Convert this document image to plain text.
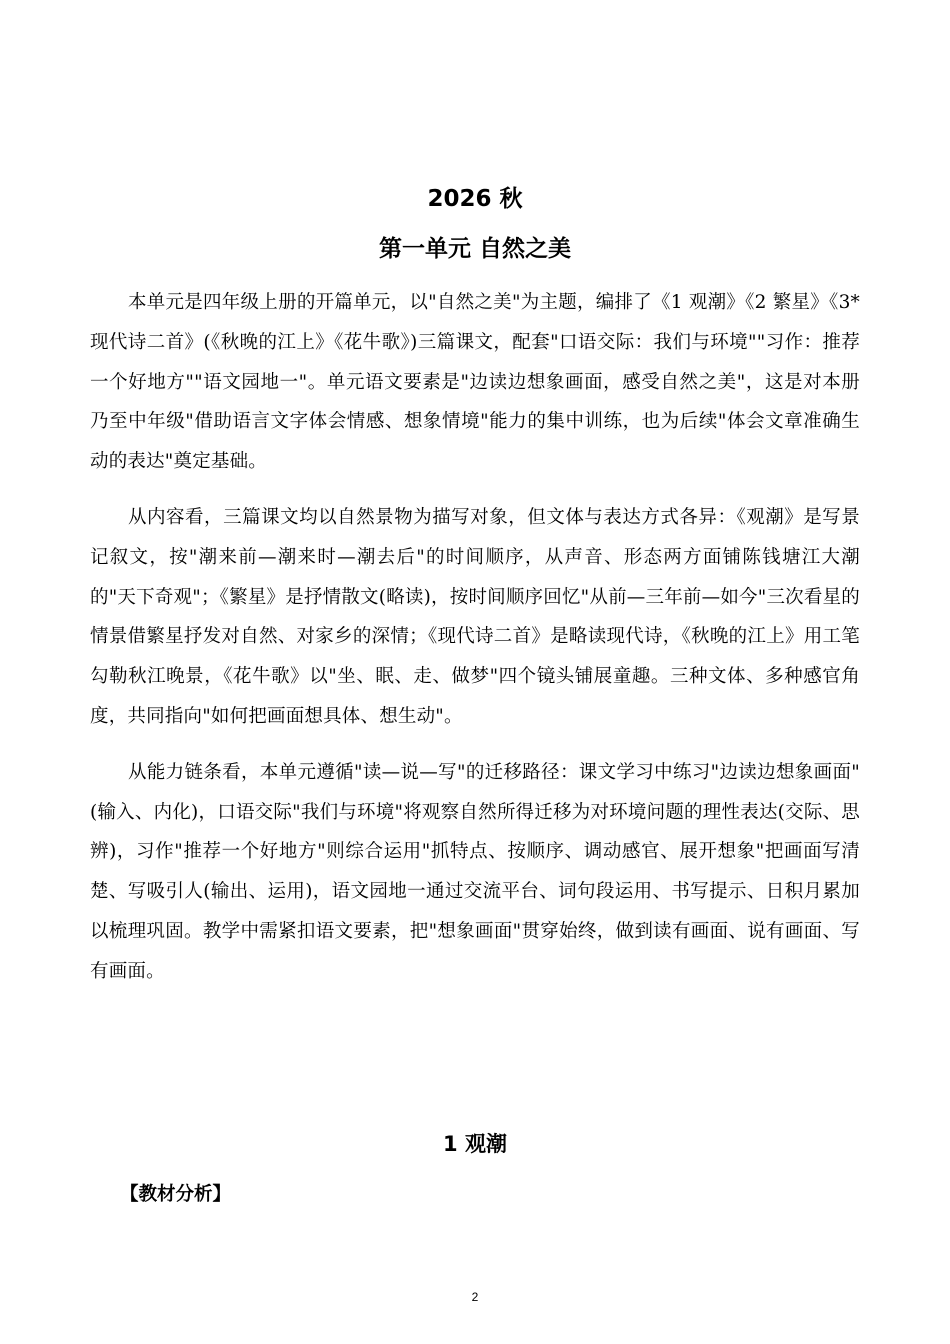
2026 秋
第一单元 自然之美

本单元是四年级上册的开篇单元，以"自然之美"为主题，编排了《1 观潮》《2 繁星》《3*现代诗二首》(《秋晚的江上》《花牛歌》)三篇课文，配套"口语交际：我们与环境""习作：推荐一个好地方""语文园地一"。单元语文要素是"边读边想象画面，感受自然之美"，这是对本册乃至中年级"借助语言文字体会情感、想象情境"能力的集中训练，也为后续"体会文章准确生动的表达"奠定基础。

从内容看，三篇课文均以自然景物为描写对象，但文体与表达方式各异：《观潮》是写景记叙文，按"潮来前—潮来时—潮去后"的时间顺序，从声音、形态两方面铺陈钱塘江大潮的"天下奇观"；《繁星》是抒情散文(略读)，按时间顺序回忆"从前—三年前—如今"三次看星的情景借繁星抒发对自然、对家乡的深情；《现代诗二首》是略读现代诗，《秋晚的江上》用工笔勾勒秋江晚景，《花牛歌》以"坐、眠、走、做梦"四个镜头铺展童趣。三种文体、多种感官角度，共同指向"如何把画面想具体、想生动"。

从能力链条看，本单元遵循"读—说—写"的迁移路径：课文学习中练习"边读边想象画面"(输入、内化)，口语交际"我们与环境"将观察自然所得迁移为对环境问题的理性表达(交际、思辨)，习作"推荐一个好地方"则综合运用"抓特点、按顺序、调动感官、展开想象"把画面写清楚、写吸引人(输出、运用)，语文园地一通过交流平台、词句段运用、书写提示、日积月累加以梳理巩固。教学中需紧扣语文要素，把"想象画面"贯穿始终，做到读有画面、说有画面、写有画面。

1 观潮

【教材分析】

2
